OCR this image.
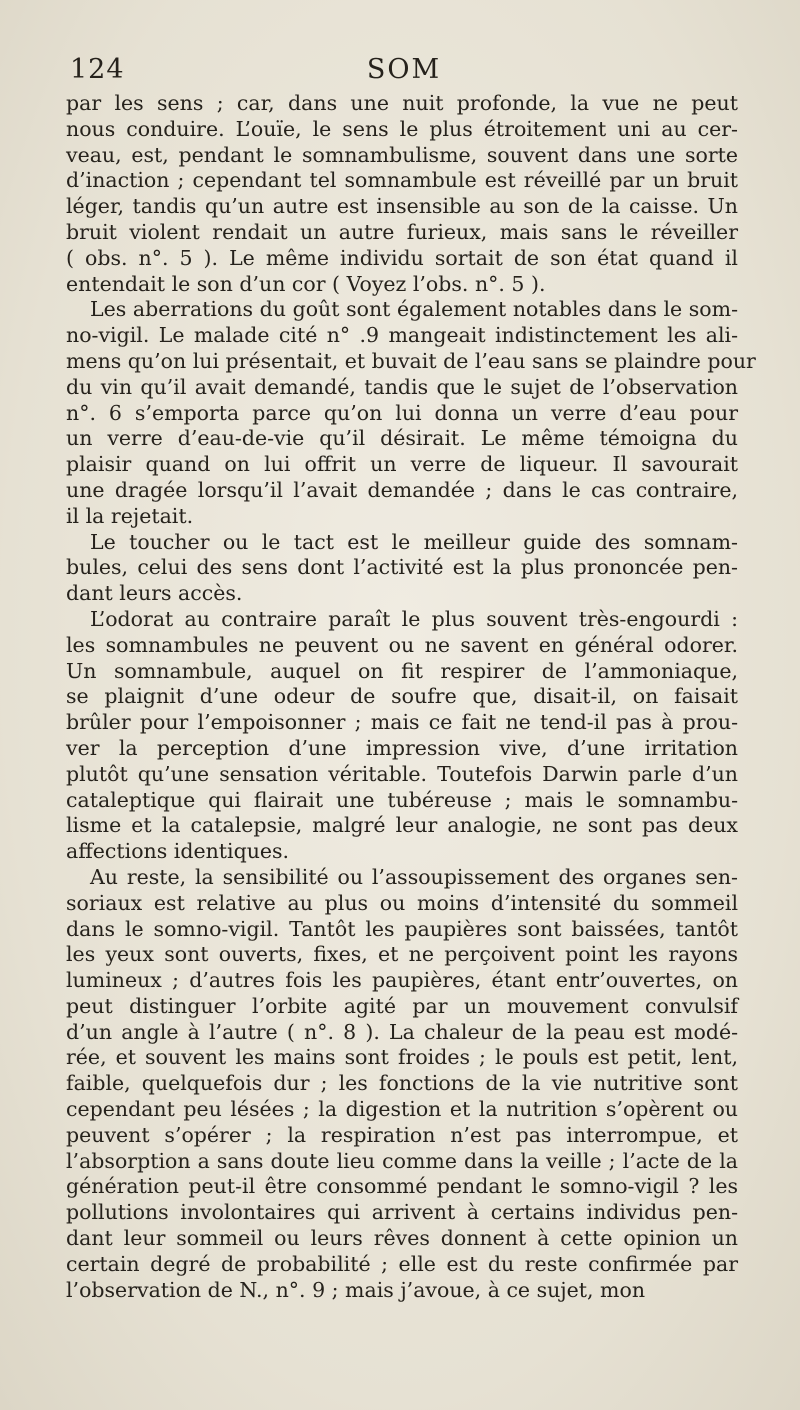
124	SOM
par les sens ; car, dans une nuit profonde, la vue ne peut
nous conduire. L’ouïe, le sens le plus étroitement uni au cer-
veau, est, pendant le somnambulisme, souvent dans une sorte
d’inaction ; cependant tel somnambule est réveillé par un bruit
léger, tandis qu’un autre est insensible au son de la caisse. Un
bruit violent rendait un autre furieux, mais sans le réveiller
( obs. n°. 5 ). Le même individu sortait de son état quand il
entendait le son d’un cor ( Voyez l’obs. n°. 5 ).
Les aberrations du goût sont également notables dans le som-
no-vigil. Le malade cité n° .9 mangeait indistinctement les ali-
mens qu’on lui présentait, et buvait de l’eau sans se plaindre pour
du vin qu’il avait demandé, tandis que le sujet de l’observation
n°. 6 s’emporta parce qu’on lui donna un verre d’eau pour
un verre d’eau-de-vie qu’il désirait. Le même témoigna du
plaisir quand on lui offrit un verre de liqueur. Il savourait
une dragée lorsqu’il l’avait demandée ; dans le cas contraire,
il la rejetait.
Le toucher ou le tact est le meilleur guide des somnam-
bules, celui des sens dont l’activité est la plus prononcée pen-
dant leurs accès.
L’odorat au contraire paraît le plus souvent très-engourdi :
les somnambules ne peuvent ou ne savent en général odorer.
Un somnambule, auquel on fit respirer de l’ammoniaque,
se plaignit d’une odeur de soufre que, disait-il, on faisait
brûler pour l’empoisonner ; mais ce fait ne tend-il pas à prou-
ver la perception d’une impression vive, d’une irritation
plutôt qu’une sensation véritable. Toutefois Darwin parle d’un
cataleptique qui flairait une tubéreuse ; mais le somnambu-
lisme et la catalepsie, malgré leur analogie, ne sont pas deux
affections identiques.
Au reste, la sensibilité ou l’assoupissement des organes sen-
soriaux est relative au plus ou moins d’intensité du sommeil
dans le somno-vigil. Tantôt les paupières sont baissées, tantôt
les yeux sont ouverts, fixes, et ne perçoivent point les rayons
lumineux ; d’autres fois les paupières, étant entr’ouvertes, on
peut distinguer l’orbite agité par un mouvement convulsif
d’un angle à l’autre ( n°. 8 ). La chaleur de la peau est modé-
rée, et souvent les mains sont froides ; le pouls est petit, lent,
faible, quelquefois dur ; les fonctions de la vie nutritive sont
cependant peu lésées ; la digestion et la nutrition s’opèrent ou
peuvent s’opérer ; la respiration n’est pas interrompue, et
l’absorption a sans doute lieu comme dans la veille ; l’acte de la
génération peut-il être consommé pendant le somno-vigil ? les
pollutions involontaires qui arrivent à certains individus pen-
dant leur sommeil ou leurs rêves donnent à cette opinion un
certain degré de probabilité ; elle est du reste confirmée par
l’observation de N., n°. 9 ; mais j’avoue, à ce sujet, mon
